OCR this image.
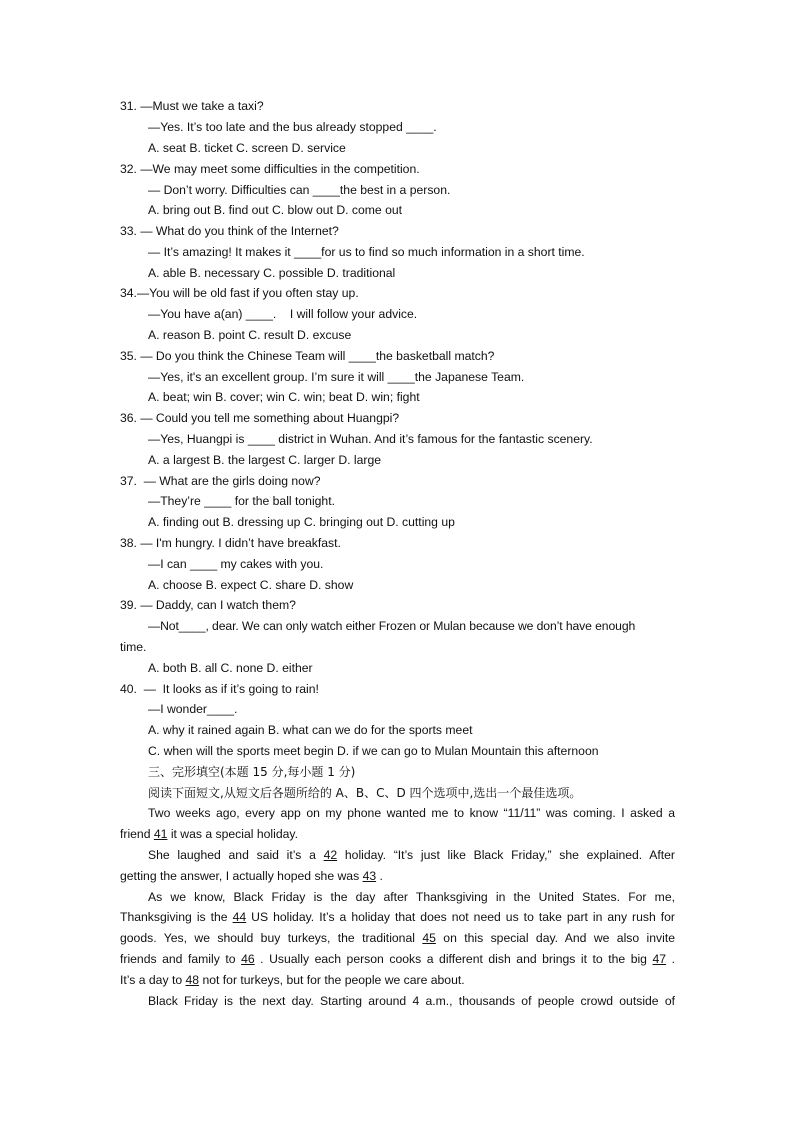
31. —Must we take a taxi?
—Yes. It’s too late and the bus already stopped ____.
A. seat B. ticket C. screen D. service
32. —We may meet some difficulties in the competition.
— Don’t worry. Difficulties can ____the best in a person.
A. bring out B. find out C. blow out D. come out
33. — What do you think of the Internet?
— It’s amazing! It makes it ____for us to find so much information in a short time.
A. able B. necessary C. possible D. traditional
34.—You will be old fast if you often stay up.
—You have a(an) ____.    I will follow your advice.
A. reason B. point C. result D. excuse
35. — Do you think the Chinese Team will ____the basketball match?
—Yes, it's an excellent group. I’m sure it will ____the Japanese Team.
A. beat; win B. cover; win C. win; beat D. win; fight
36. — Could you tell me something about Huangpi?
—Yes, Huangpi is ____ district in Wuhan. And it’s famous for the fantastic scenery.
A. a largest B. the largest C. larger D. large
37.  — What are the girls doing now?
—They’re ____ for the ball tonight.
A. finding out B. dressing up C. bringing out D. cutting up
38. — I'm hungry. I didn’t have breakfast.
—I can ____ my cakes with you.
A. choose B. expect C. share D. show
39. — Daddy, can I watch them?
—Not____, dear. We can only watch either Frozen or Mulan because we don’t have enough
time.
A. both B. all C. none D. either
40.  —  It looks as if it’s going to rain!
—I wonder____.
A. why it rained again B. what can we do for the sports meet
C. when will the sports meet begin D. if we can go to Mulan Mountain this afternoon
三、完形填空(本题 15 分,每小题 1 分)
阅读下面短文,从短文后各题所给的 A、B、C、D 四个选项中,选出一个最佳选项。
Two weeks ago, every app on my phone wanted me to know “11/11” was coming. I asked a
friend 41 it was a special holiday.
She laughed and said it’s a 42 holiday. “It’s just like Black Friday,” she explained. After
getting the answer, I actually hoped she was 43 .
As we know, Black Friday is the day after Thanksgiving in the United States. For me,
Thanksgiving is the 44 US holiday. It’s a holiday that does not need us to take part in any rush for
goods. Yes, we should buy turkeys, the traditional 45 on this special day. And we also invite
friends and family to 46 . Usually each person cooks a different dish and brings it to the big 47 .
It’s a day to 48 not for turkeys, but for the people we care about.
Black Friday is the next day. Starting around 4 a.m., thousands of people crowd outside of
